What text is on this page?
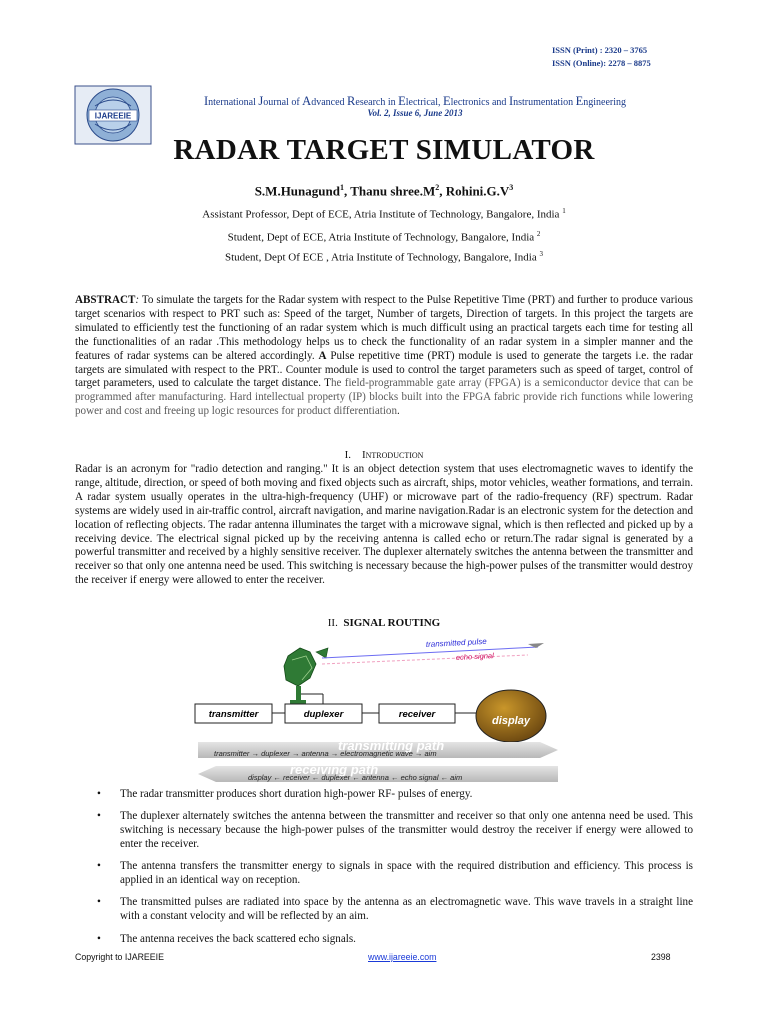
ISSN (Print) : 2320 – 3765
ISSN (Online): 2278 – 8875
IJAREEIE
International Journal of Advanced Research in Electrical, Electronics and Instrumentation Engineering
Vol. 2, Issue 6, June 2013
RADAR TARGET SIMULATOR
S.M.Hunagund$^1$, Thanu $shree.M^2$, $Rohini.G.V^3$
Assistant Professor, Dept of ECE, Atria Institute of Technology, Bangalore, India $^1$
Student, Dept of ECE, Atria Institute of Technology, Bangalore, India $^2$
Student, Dept Of ECE , Atria Institute of Technology, Bangalore, India $^3$
ABSTRACT: To simulate the targets for the Radar system with respect to the Pulse Repetitive Time (PRT) and further to produce various target scenarios with respect to PRT such as: Speed of the target, Number of targets, Direction of targets. In this project the targets are simulated to efficiently test the functioning of an radar system which is much difficult using an practical targets each time for testing all the functionalities of an radar .This methodology helps us to check the functionality of an radar system in a simpler manner and the features of radar systems can be altered accordingly. A Pulse repetitive time (PRT) module is used to generate the targets i.e. the radar targets are simulated with respect to the PRT.. Counter module is used to control the target parameters such as speed of target, control of target parameters, used to calculate the target distance. The field-programmable gate array (FPGA) is a semiconductor device that can be programmed after manufacturing. Hard intellectual property (IP) blocks built into the FPGA fabric provide rich functions while lowering power and cost and freeing up logic resources for product differentiation.
I. Introduction
Radar is an acronym for "radio detection and ranging." It is an object detection system that uses electromagnetic waves to identify the range, altitude, direction, or speed of both moving and fixed objects such as aircraft, ships, motor vehicles, weather formations, and terrain. A radar system usually operates in the ultra-high-frequency (UHF) or microwave part of the radio-frequency (RF) spectrum. Radar systems are widely used in air-traffic control, aircraft navigation, and marine navigation.Radar is an electronic system for the detection and location of reflecting objects. The radar antenna illuminates the target with a microwave signal, which is then reflected and picked up by a receiving device. The electrical signal picked up by the receiving antenna is called echo or return.The radar signal is generated by a powerful transmitter and received by a highly sensitive receiver. The duplexer alternately switches the antenna between the transmitter and receiver so that only one antenna need be used. This switching is necessary because the high-power pulses of the transmitter would destroy the receiver if energy were allowed to enter the receiver.
II. SIGNAL ROUTING
transmitted pulse
echo signal
transmitter	duplexer	receiver
display
transmitting path
transmitter → duplexer → antenna → electromagnetic wave → aim
receiving path
display ← receiver ← duplexer ← antenna ← echo signal ← aim
• The radar transmitter produces short duration high-power RF- pulses of energy.
• The duplexer alternately switches the antenna between the transmitter and receiver so that only one antenna need be used. This switching is necessary because the high-power pulses of the transmitter would destroy the receiver if energy were allowed to enter the receiver.
• The antenna transfers the transmitter energy to signals in space with the required distribution and efficiency. This process is applied in an identical way on reception.
• The transmitted pulses are radiated into space by the antenna as an electromagnetic wave. This wave travels in a straight line with a constant velocity and will be reflected by an aim.
• The antenna receives the back scattered echo signals.
Copyright to IJAREEIE	www.ijareeie.com	2398
